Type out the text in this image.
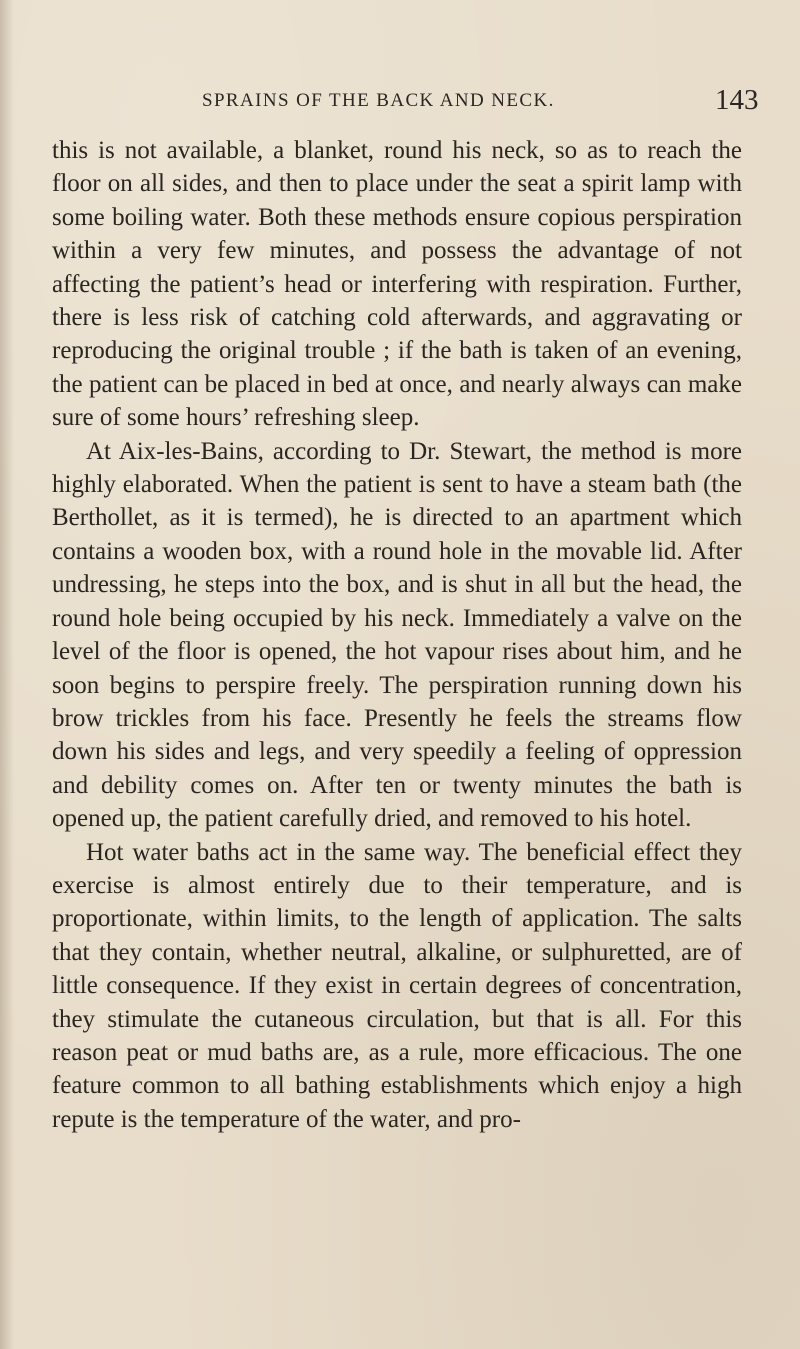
SPRAINS OF THE BACK AND NECK.	143

this is not available, a blanket, round his neck, so as to reach the floor on all sides, and then to place under the seat a spirit lamp with some boiling water. Both these methods ensure copious perspiration within a very few minutes, and possess the advantage of not affecting the patient’s head or interfering with respiration. Further, there is less risk of catching cold afterwards, and aggravating or reproducing the original trouble ; if the bath is taken of an evening, the patient can be placed in bed at once, and nearly always can make sure of some hours’ refreshing sleep.

At Aix-les-Bains, according to Dr. Stewart, the method is more highly elaborated. When the patient is sent to have a steam bath (the Berthollet, as it is termed), he is directed to an apartment which contains a wooden box, with a round hole in the movable lid. After undressing, he steps into the box, and is shut in all but the head, the round hole being occupied by his neck. Immediately a valve on the level of the floor is opened, the hot vapour rises about him, and he soon begins to perspire freely. The perspiration running down his brow trickles from his face. Presently he feels the streams flow down his sides and legs, and very speedily a feeling of oppression and debility comes on. After ten or twenty minutes the bath is opened up, the patient carefully dried, and removed to his hotel.

Hot water baths act in the same way. The beneficial effect they exercise is almost entirely due to their temperature, and is proportionate, within limits, to the length of application. The salts that they contain, whether neutral, alkaline, or sulphuretted, are of little consequence. If they exist in certain degrees of concentration, they stimulate the cutaneous circulation, but that is all. For this reason peat or mud baths are, as a rule, more efficacious. The one feature common to all bathing establishments which enjoy a high repute is the temperature of the water, and pro-
